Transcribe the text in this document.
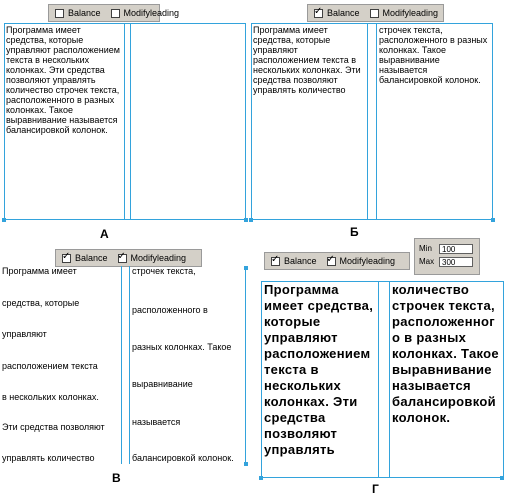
Balance	Modifyleading
Программа имеет средства, которые управляют расположением текста в нескольких колонках. Эти средства позволяют управлять количество строчек текста, расположенного в разных колонках. Такое выравнивание называется балансировкой колонок.
А
✓
Balance	Modifyleading
Программа имеет средства, которые управляют расположением текста в нескольких колонках. Эти средства позволяют управлять количество
строчек текста, расположенного в разных колонках. Такое выравнивание называется балансировкой колонок.
Б
✓
Balance ✓	Modifyleading
Программа имеет
средства, которые
управляют
расположением текста
в нескольких колонках.
Эти средства позволяют
управлять количество
строчек текста,
расположенного в
разных колонках. Такое
выравнивание
называется
балансировкой колонок.
В
✓
Balance ✓	Modifyleading
Min	100
Max 300
Программа имеет средства, которые управляют расположением текста в нескольких колонках. Эти средства позволяют управлять
количество строчек текста, расположенного в разных колонках. Такое выравнивание называется балансировкой колонок.
Г
